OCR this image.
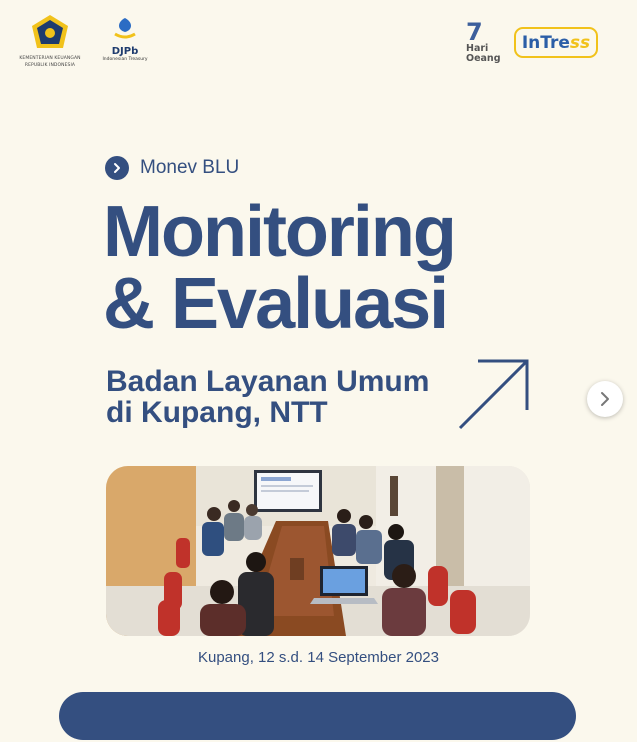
KEMENTERIAN KEUANGAN
REPUBLIK INDONESIA
DJPb
Indonesian Treasury
7
Hari
Oeang
InTre ss
Monev BLU
Monitoring
& Evaluasi
Badan Layanan Umum
di Kupang, NTT
Kupang, 12 s.d. 14 September 2023
